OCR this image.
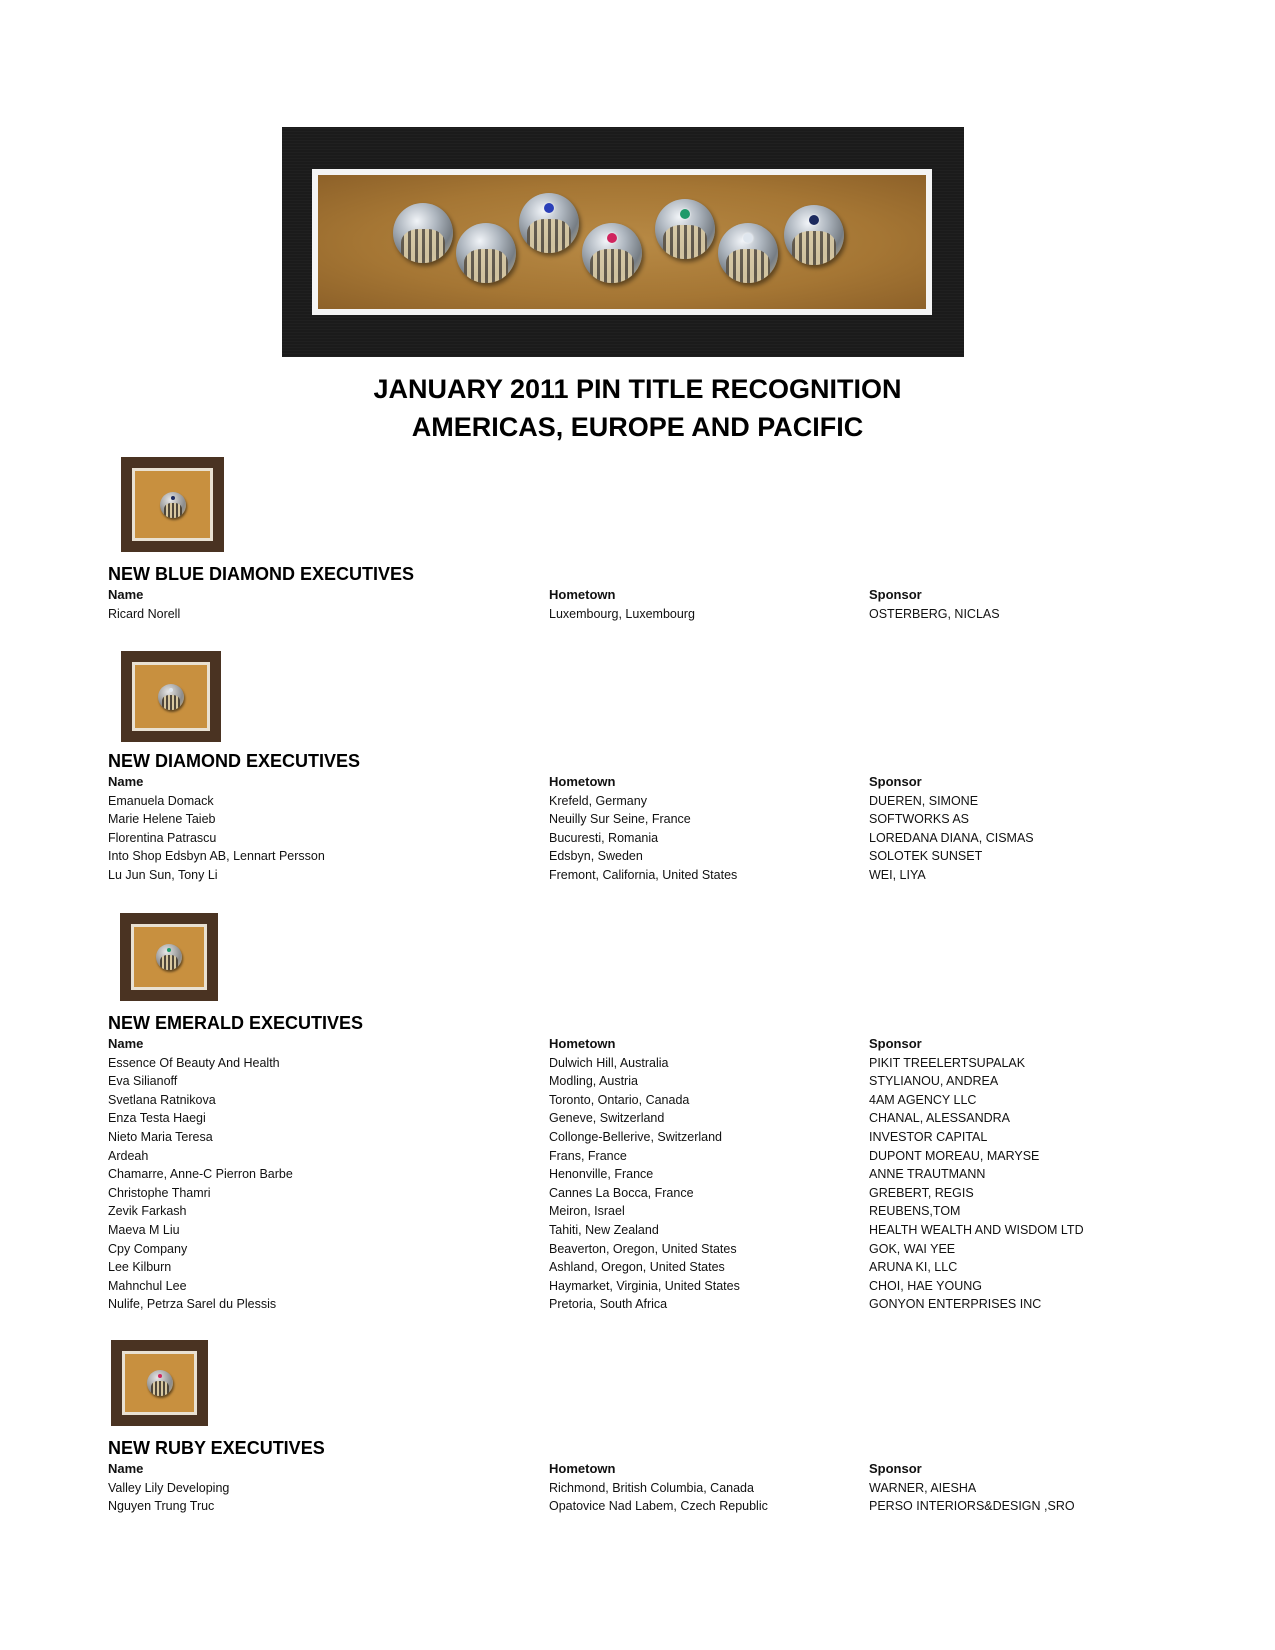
JANUARY 2011 PIN TITLE RECOGNITION
AMERICAS, EUROPE AND PACIFIC
NEW BLUE DIAMOND EXECUTIVES
Name	Hometown	Sponsor
Ricard Norell	Luxembourg, Luxembourg	OSTERBERG, NICLAS
NEW DIAMOND EXECUTIVES
Name	Hometown	Sponsor
Emanuela Domack	Krefeld, Germany	DUEREN, SIMONE
Marie Helene Taieb	Neuilly Sur Seine, France	SOFTWORKS AS
Florentina Patrascu	Bucuresti, Romania	LOREDANA DIANA, CISMAS
Into Shop Edsbyn AB, Lennart Persson	Edsbyn, Sweden	SOLOTEK SUNSET
Lu Jun Sun, Tony Li	Fremont, California, United States	WEI, LIYA
NEW EMERALD EXECUTIVES
Name	Hometown	Sponsor
Essence Of Beauty And Health	Dulwich Hill, Australia	PIKIT TREELERTSUPALAK
Eva Silianoff	Modling, Austria	STYLIANOU, ANDREA
Svetlana Ratnikova	Toronto, Ontario, Canada	4AM AGENCY LLC
Enza Testa Haegi	Geneve, Switzerland	CHANAL, ALESSANDRA
Nieto Maria Teresa	Collonge-Bellerive, Switzerland	INVESTOR CAPITAL
Ardeah	Frans, France	DUPONT MOREAU, MARYSE
Chamarre, Anne-C Pierron Barbe	Henonville, France	ANNE TRAUTMANN
Christophe Thamri	Cannes La Bocca, France	GREBERT, REGIS
Zevik Farkash	Meiron, Israel	REUBENS,TOM
Maeva M Liu	Tahiti, New Zealand	HEALTH WEALTH AND WISDOM LTD
Cpy Company	Beaverton, Oregon, United States	GOK, WAI YEE
Lee Kilburn	Ashland, Oregon, United States	ARUNA KI, LLC
Mahnchul Lee	Haymarket, Virginia, United States	CHOI, HAE YOUNG
Nulife, Petrza Sarel du Plessis	Pretoria, South Africa	GONYON ENTERPRISES INC
NEW RUBY EXECUTIVES
Name	Hometown	Sponsor
Valley Lily Developing	Richmond, British Columbia, Canada	WARNER, AIESHA
Nguyen Trung Truc	Opatovice Nad Labem, Czech Republic	PERSO INTERIORS&DESIGN ,SRO
